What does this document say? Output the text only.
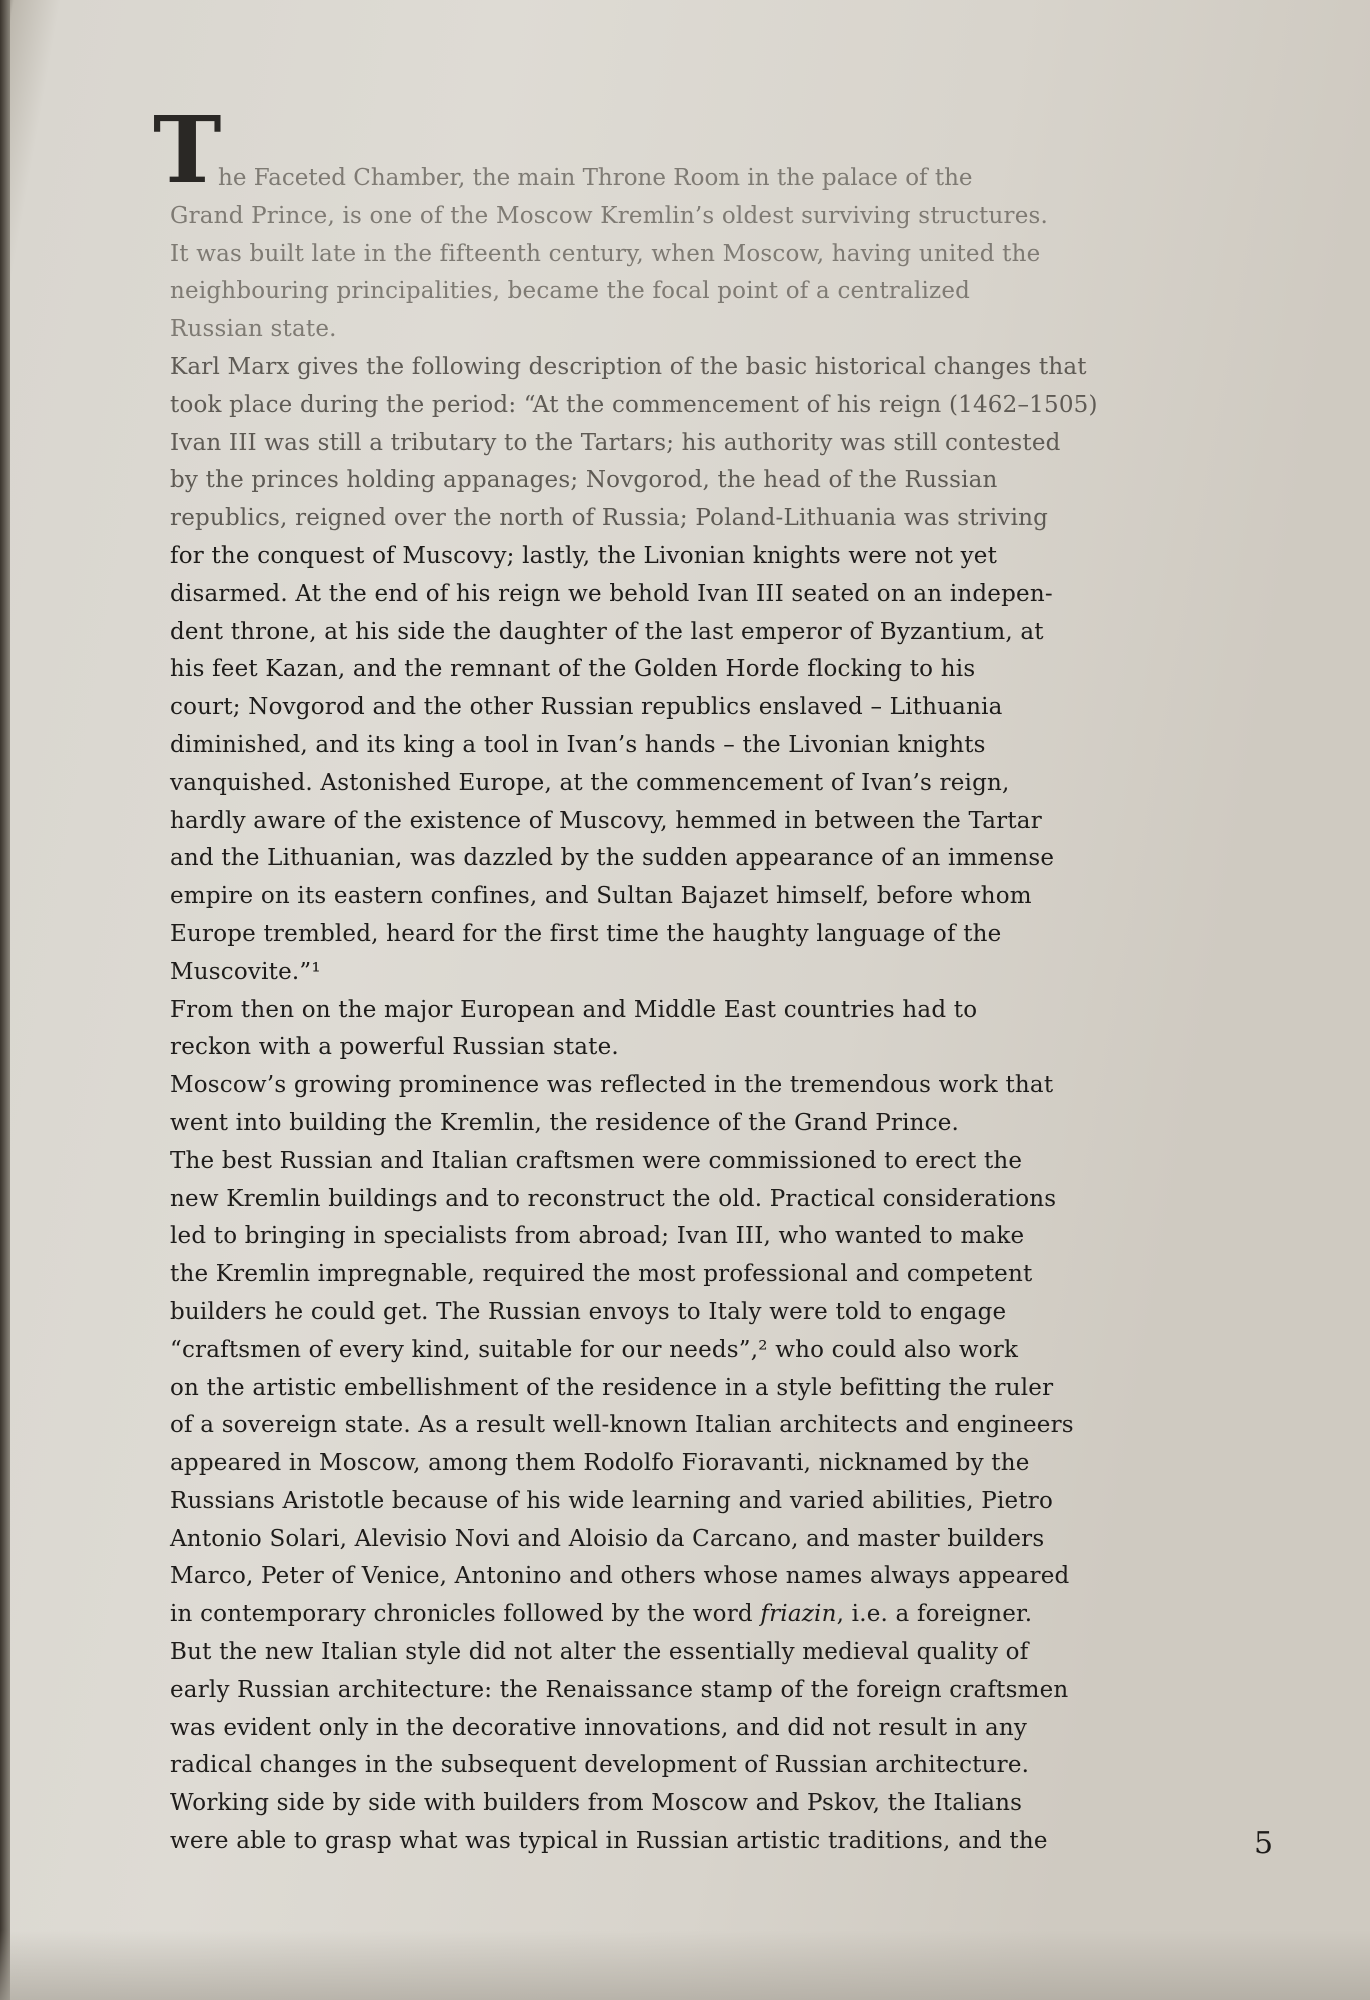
T
he Faceted Chamber, the main Throne Room in the palace of the
Grand Prince, is one of the Moscow Kremlin’s oldest surviving structures.
It was built late in the fifteenth century, when Moscow, having united the
neighbouring principalities, became the focal point of a centralized
Russian state.
Karl Marx gives the following description of the basic historical changes that
took place during the period: “At the commencement of his reign (1462–1505)
Ivan III was still a tributary to the Tartars; his authority was still contested
by the princes holding appanages; Novgorod, the head of the Russian
republics, reigned over the north of Russia; Poland-Lithuania was striving
for the conquest of Muscovy; lastly, the Livonian knights were not yet
disarmed. At the end of his reign we behold Ivan III seated on an indepen-
dent throne, at his side the daughter of the last emperor of Byzantium, at
his feet Kazan, and the remnant of the Golden Horde flocking to his
court; Novgorod and the other Russian republics enslaved – Lithuania
diminished, and its king a tool in Ivan’s hands – the Livonian knights
vanquished. Astonished Europe, at the commencement of Ivan’s reign,
hardly aware of the existence of Muscovy, hemmed in between the Tartar
and the Lithuanian, was dazzled by the sudden appearance of an immense
empire on its eastern confines, and Sultan Bajazet himself, before whom
Europe trembled, heard for the first time the haughty language of the
Muscovite.”¹
From then on the major European and Middle East countries had to
reckon with a powerful Russian state.
Moscow’s growing prominence was reflected in the tremendous work that
went into building the Kremlin, the residence of the Grand Prince.
The best Russian and Italian craftsmen were commissioned to erect the
new Kremlin buildings and to reconstruct the old. Practical considerations
led to bringing in specialists from abroad; Ivan III, who wanted to make
the Kremlin impregnable, required the most professional and competent
builders he could get. The Russian envoys to Italy were told to engage
“craftsmen of every kind, suitable for our needs”,² who could also work
on the artistic embellishment of the residence in a style befitting the ruler
of a sovereign state. As a result well-known Italian architects and engineers
appeared in Moscow, among them Rodolfo Fioravanti, nicknamed by the
Russians Aristotle because of his wide learning and varied abilities, Pietro
Antonio Solari, Alevisio Novi and Aloisio da Carcano, and master builders
Marco, Peter of Venice, Antonino and others whose names always appeared
in contemporary chronicles followed by the word friazin, i.e. a foreigner.
But the new Italian style did not alter the essentially medieval quality of
early Russian architecture: the Renaissance stamp of the foreign craftsmen
was evident only in the decorative innovations, and did not result in any
radical changes in the subsequent development of Russian architecture.
Working side by side with builders from Moscow and Pskov, the Italians
were able to grasp what was typical in Russian artistic traditions, and the	5
